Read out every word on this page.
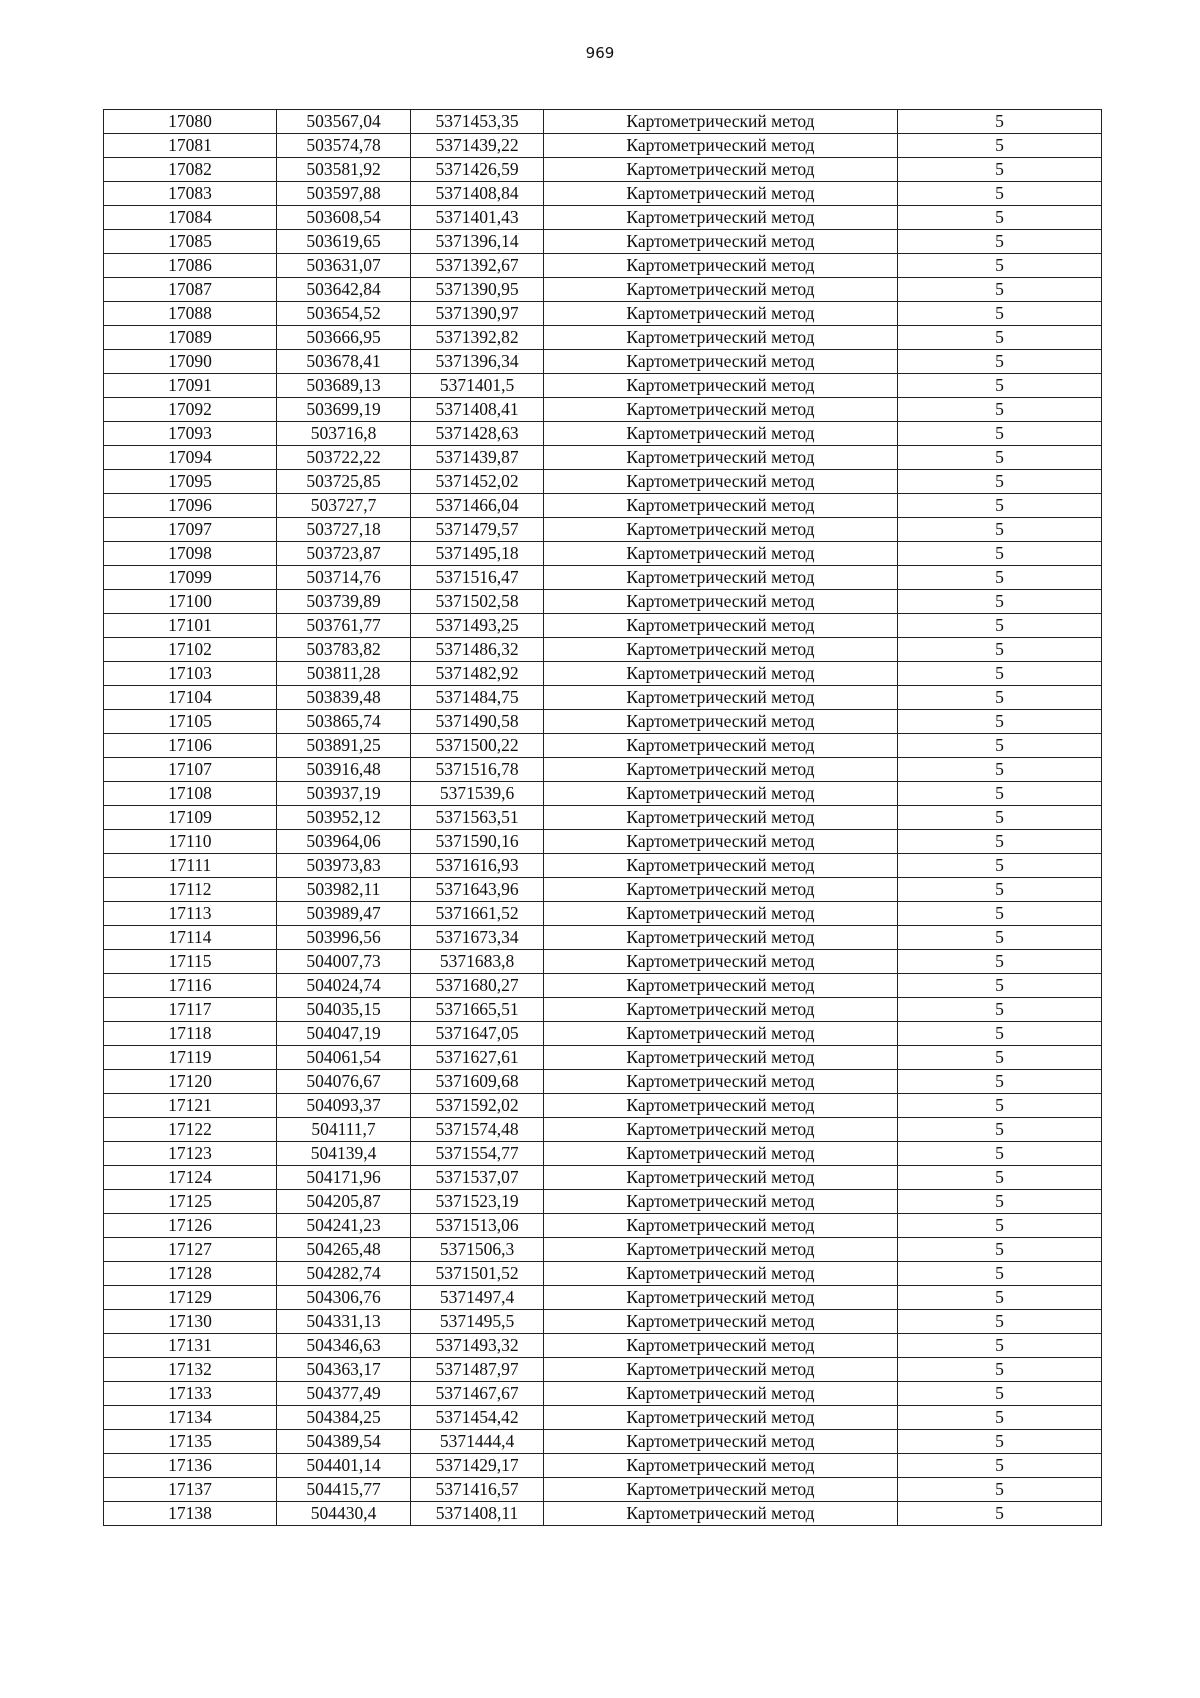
969
17080	503567,04	5371453,35	Картометрический метод	5
17081	503574,78	5371439,22	Картометрический метод	5
17082	503581,92	5371426,59	Картометрический метод	5
17083	503597,88	5371408,84	Картометрический метод	5
17084	503608,54	5371401,43	Картометрический метод	5
17085	503619,65	5371396,14	Картометрический метод	5
17086	503631,07	5371392,67	Картометрический метод	5
17087	503642,84	5371390,95	Картометрический метод	5
17088	503654,52	5371390,97	Картометрический метод	5
17089	503666,95	5371392,82	Картометрический метод	5
17090	503678,41	5371396,34	Картометрический метод	5
17091	503689,13	5371401,5	Картометрический метод	5
17092	503699,19	5371408,41	Картометрический метод	5
17093	503716,8	5371428,63	Картометрический метод	5
17094	503722,22	5371439,87	Картометрический метод	5
17095	503725,85	5371452,02	Картометрический метод	5
17096	503727,7	5371466,04	Картометрический метод	5
17097	503727,18	5371479,57	Картометрический метод	5
17098	503723,87	5371495,18	Картометрический метод	5
17099	503714,76	5371516,47	Картометрический метод	5
17100	503739,89	5371502,58	Картометрический метод	5
17101	503761,77	5371493,25	Картометрический метод	5
17102	503783,82	5371486,32	Картометрический метод	5
17103	503811,28	5371482,92	Картометрический метод	5
17104	503839,48	5371484,75	Картометрический метод	5
17105	503865,74	5371490,58	Картометрический метод	5
17106	503891,25	5371500,22	Картометрический метод	5
17107	503916,48	5371516,78	Картометрический метод	5
17108	503937,19	5371539,6	Картометрический метод	5
17109	503952,12	5371563,51	Картометрический метод	5
17110	503964,06	5371590,16	Картометрический метод	5
17111	503973,83	5371616,93	Картометрический метод	5
17112	503982,11	5371643,96	Картометрический метод	5
17113	503989,47	5371661,52	Картометрический метод	5
17114	503996,56	5371673,34	Картометрический метод	5
17115	504007,73	5371683,8	Картометрический метод	5
17116	504024,74	5371680,27	Картометрический метод	5
17117	504035,15	5371665,51	Картометрический метод	5
17118	504047,19	5371647,05	Картометрический метод	5
17119	504061,54	5371627,61	Картометрический метод	5
17120	504076,67	5371609,68	Картометрический метод	5
17121	504093,37	5371592,02	Картометрический метод	5
17122	504111,7	5371574,48	Картометрический метод	5
17123	504139,4	5371554,77	Картометрический метод	5
17124	504171,96	5371537,07	Картометрический метод	5
17125	504205,87	5371523,19	Картометрический метод	5
17126	504241,23	5371513,06	Картометрический метод	5
17127	504265,48	5371506,3	Картометрический метод	5
17128	504282,74	5371501,52	Картометрический метод	5
17129	504306,76	5371497,4	Картометрический метод	5
17130	504331,13	5371495,5	Картометрический метод	5
17131	504346,63	5371493,32	Картометрический метод	5
17132	504363,17	5371487,97	Картометрический метод	5
17133	504377,49	5371467,67	Картометрический метод	5
17134	504384,25	5371454,42	Картометрический метод	5
17135	504389,54	5371444,4	Картометрический метод	5
17136	504401,14	5371429,17	Картометрический метод	5
17137	504415,77	5371416,57	Картометрический метод	5
17138	504430,4	5371408,11	Картометрический метод	5
